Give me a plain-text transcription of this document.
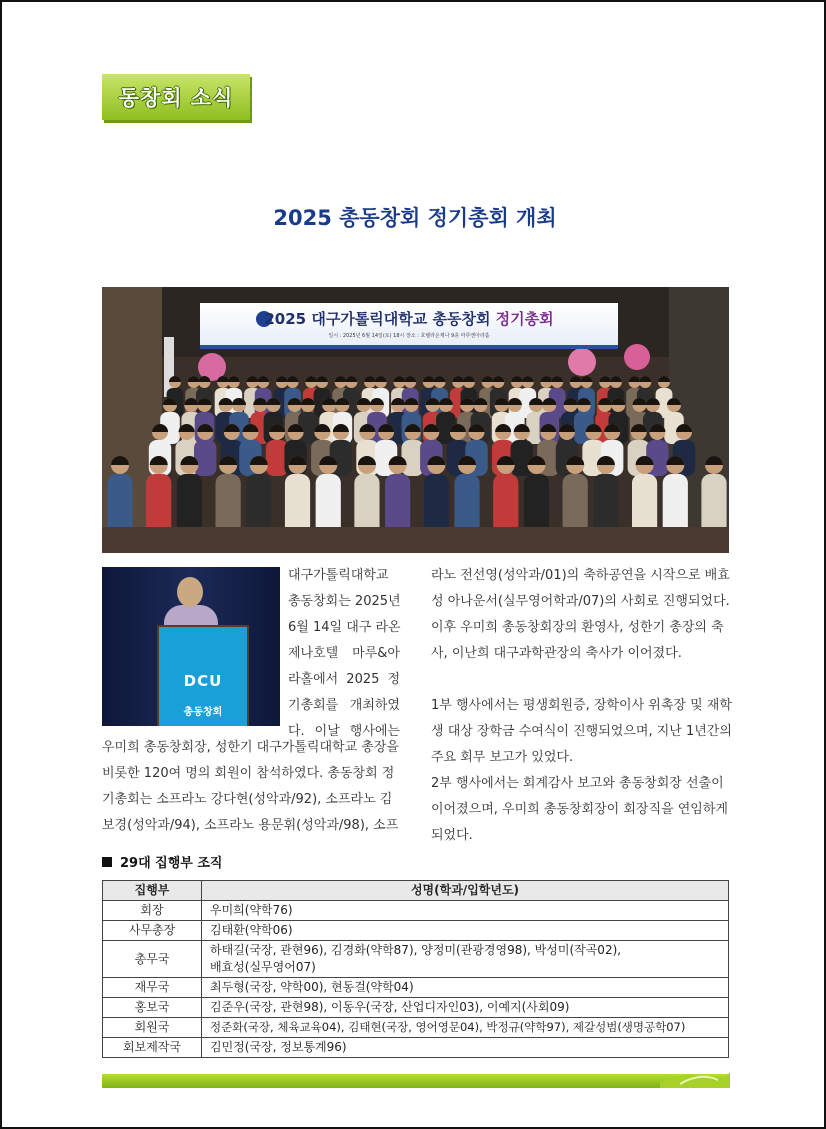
동창회 소식
2025 총동창회 정기총회 개최
2025 대구가톨릭대학교 총동창회 정기총회
일시 : 2025년 6월 14일(토) 18시 장소 : 호텔라온제나 9층 마루앤아라홀
DCU
총동창회

대구가톨릭대학교

총동창회는 2025년

6월 14일 대구 라온

제나호텔 마루&아

라홀에서 2025 정

기총회를 개최하였

다. 이날 행사에는

우미희 총동창회장, 성한기 대구가톨릭대학교 총장을

비롯한 120여 명의 회원이 참석하였다. 총동창회 정

기총회는 소프라노 강다현(성악과/92), 소프라노 김

보경(성악과/94), 소프라노 용문휘(성악과/98), 소프

라노 전선영(성악과/01)의 축하공연을 시작으로 배효

성 아나운서(실무영어학과/07)의 사회로 진행되었다.

이후 우미희 총동창회장의 환영사, 성한기 총장의 축

사, 이난희 대구과학관장의 축사가 이어졌다.

1부 행사에서는 평생회원증, 장학이사 위촉장 및 재학

생 대상 장학금 수여식이 진행되었으며, 지난 1년간의

주요 회무 보고가 있었다.

2부 행사에서는 회계감사 보고와 총동창회장 선출이

이어졌으며, 우미희 총동창회장이 회장직을 연임하게

되었다.

29대 집행부 조직
집행부	성명(학과/입학년도)
회장	우미희(약학76)
사무총장	김태환(약학06)
총무국	하태길(국장, 관현96), 김경화(약학87), 양정미(관광경영98), 박성미(작곡02),
배효성(실무영어07)

재무국	최두형(국장, 약학00), 현동걸(약학04)
홍보국	김준우(국장, 관현98), 이동우(국장, 산업디자인03), 이예지(사회09)
회원국	정준화(국장, 체육교육04), 김태현(국장, 영어영문04), 박정규(약학97), 제갈성범(생명공학07)
회보제작국	김민정(국장, 정보통계96)
